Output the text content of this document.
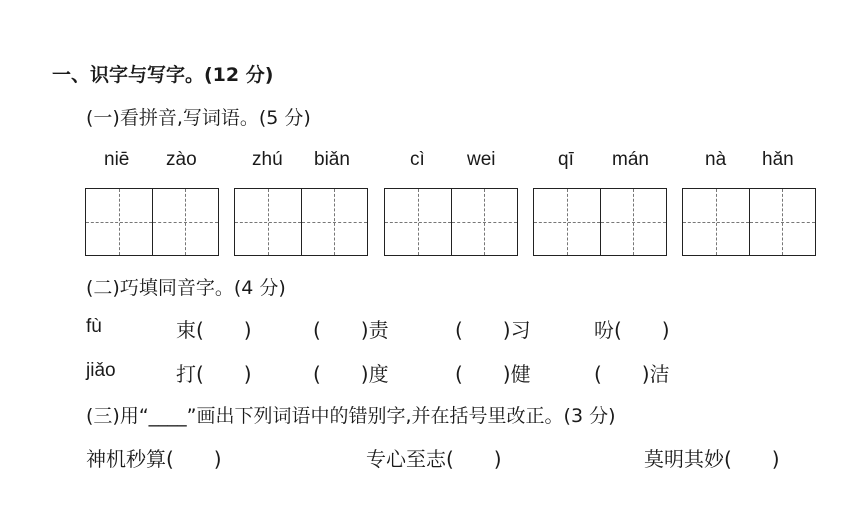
一、识字与写字。(12 分)
(一)看拼音,写词语。(5 分)
niē zào	zhú biǎn	cì wei	qī mán	nà hǎn
(二)巧填同音字。(4 分)
fù	束(　　)	(　　)责	(　　)习	吩(　　)
jiǎo	打(　　)	(　　)度	(　　)健	(　　)洁
(三)用“____”画出下列词语中的错别字,并在括号里改正。(3 分)
神机秒算(　　)	专心至志(　　)	莫明其妙(　　)
